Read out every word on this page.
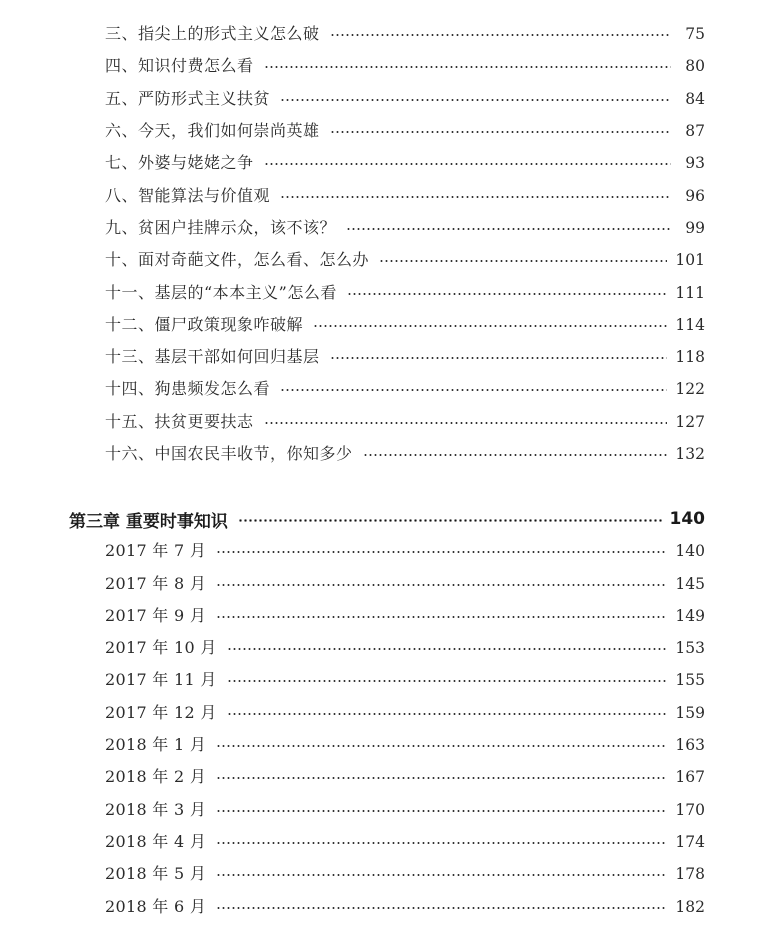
三、指尖上的形式主义怎么破	75
四、知识付费怎么看	80
五、严防形式主义扶贫	84
六、今天，我们如何崇尚英雄	87
七、外婆与姥姥之争	93
八、智能算法与价值观	96
九、贫困户挂牌示众，该不该？	99
十、面对奇葩文件，怎么看、怎么办	101
十一、基层的“本本主义”怎么看	111
十二、僵尸政策现象咋破解	114
十三、基层干部如何回归基层	118
十四、狗患频发怎么看	122
十五、扶贫更要扶志	127
十六、中国农民丰收节，你知多少	132
第三章 重要时事知识	140
2017 年 7 月	140
2017 年 8 月	145
2017 年 9 月	149
2017 年 10 月	153
2017 年 11 月	155
2017 年 12 月	159
2018 年 1 月	163
2018 年 2 月	167
2018 年 3 月	170
2018 年 4 月	174
2018 年 5 月	178
2018 年 6 月	182
